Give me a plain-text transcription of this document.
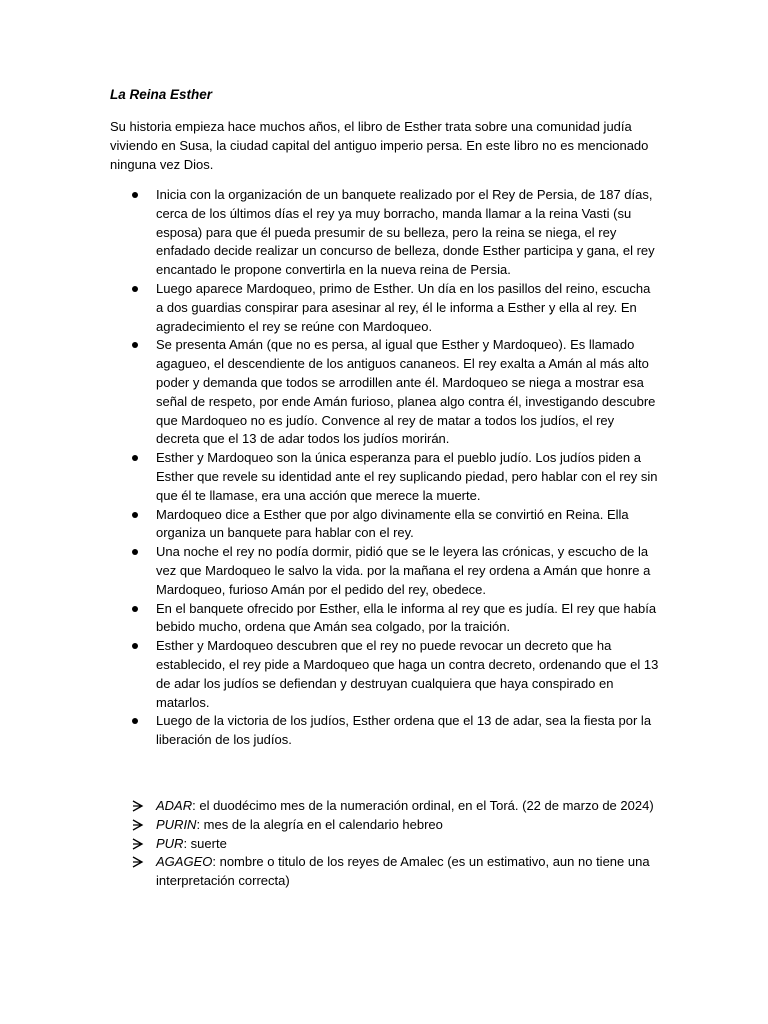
La Reina Esther

Su historia empieza hace muchos años, el libro de Esther trata sobre una comunidad judía viviendo en Susa, la ciudad capital del antiguo imperio persa. En este libro no es mencionado ninguna vez Dios.

Inicia con la organización de un banquete realizado por el Rey de Persia, de 187 días, cerca de los últimos días el rey ya muy borracho, manda llamar a la reina Vasti (su esposa) para que él pueda presumir de su belleza, pero la reina se niega, el rey enfadado decide realizar un concurso de belleza, donde Esther participa y gana, el rey encantado le propone convertirla en la nueva reina de Persia.
Luego aparece Mardoqueo, primo de Esther. Un día en los pasillos del reino, escucha a dos guardias conspirar para asesinar al rey, él le informa a Esther y ella al rey. En agradecimiento el rey se reúne con Mardoqueo.
Se presenta Amán (que no es persa, al igual que Esther y Mardoqueo). Es llamado agagueo, el descendiente de los antiguos cananeos. El rey exalta a Amán al más alto poder y demanda que todos se arrodillen ante él. Mardoqueo se niega a mostrar esa señal de respeto, por ende Amán furioso, planea algo contra él, investigando descubre que Mardoqueo no es judío. Convence al rey de matar a todos los judíos, el rey decreta que el 13 de adar todos los judíos morirán.
Esther y Mardoqueo son la única esperanza para el pueblo judío. Los judíos piden a Esther que revele su identidad ante el rey suplicando piedad, pero hablar con el rey sin que él te llamase, era una acción que merece la muerte.
Mardoqueo dice a Esther que por algo divinamente ella se convirtió en Reina. Ella organiza un banquete para hablar con el rey.
Una noche el rey no podía dormir, pidió que se le leyera las crónicas, y escucho de la vez que Mardoqueo le salvo la vida. por la mañana el rey ordena a Amán que honre a Mardoqueo, furioso Amán por el pedido del rey, obedece.
En el banquete ofrecido por Esther, ella le informa al rey que es judía. El rey que había bebido mucho, ordena que Amán sea colgado, por la traición.
Esther y Mardoqueo descubren que el rey no puede revocar un decreto que ha establecido, el rey pide a Mardoqueo que haga un contra decreto, ordenando que el 13 de adar los judíos se defiendan y destruyan cualquiera que haya conspirado en matarlos.
Luego de la victoria de los judíos, Esther ordena que el 13 de adar, sea la fiesta por la liberación de los judíos.
ADAR: el duodécimo mes de la numeración ordinal, en el Torá. (22 de marzo de 2024)
PURIN: mes de la alegría en el calendario hebreo
PUR: suerte
AGAGEO: nombre o titulo de los reyes de Amalec (es un estimativo, aun no tiene una interpretación correcta)
